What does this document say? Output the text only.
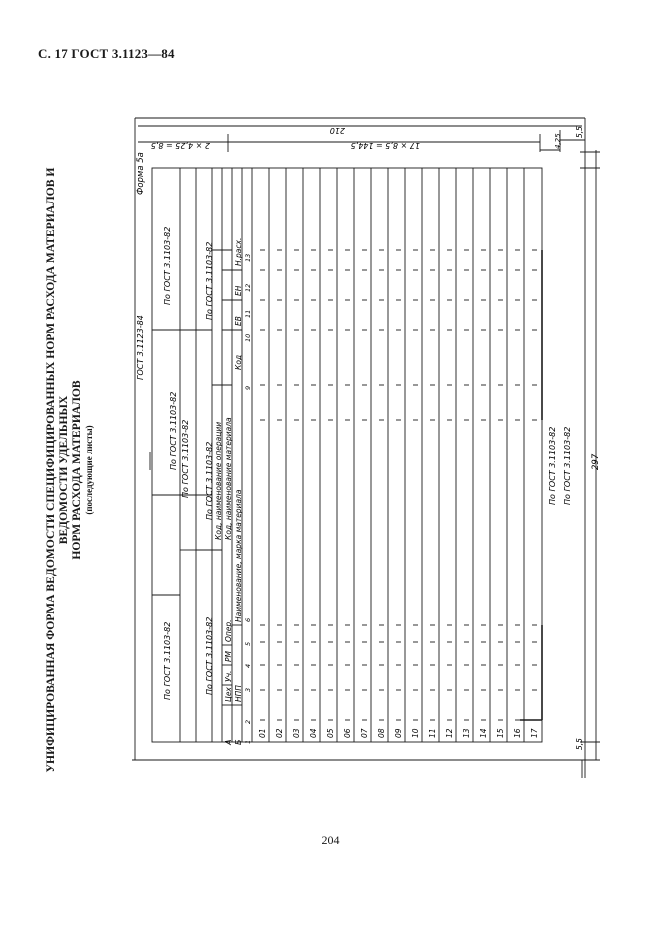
С. 17 ГОСТ 3.1123—84
УНИФИЦИРОВАННАЯ ФОРМА ВЕДОМОСТИ СПЕЦИФИЦИРОВАННЫХ НОРМ РАСХОДА МАТЕРИАЛОВ И ВЕДОМОСТИ УДЕЛЬНЫХ НОРМ РАСХОДА МАТЕРИАЛОВ (последующие листы)
Форма 5а
ГОСТ 3.1123-84
По ГОСТ 3.1103-82
По ГОСТ 3.1103-82 По ГОСТ 3.1103-82
По ГОСТ 3.1103-82
По ГОСТ 3.1103-82
По ГОСТ 3.1103-82
По ГОСТ 3.1103-82
По ГОСТ 3.1103-82 По ГОСТ 3.1103-82
А Б
Цех
Уч.
РМ
Опер.
НПП
Наименование, марка материала
Код, наименование материала
Код, наименование операции
Код
ЕВ
ЕН
Н.расх.
210
17 × 8,5 = 144,5
2 × 4,25 = 8,5	4,25
5,5
5,5
297
1
2
3
4
5
6
9
10
11
12
13
01 02 03 04 05 06 07 08 09 10 11 12 13 14 15 16 17
204
